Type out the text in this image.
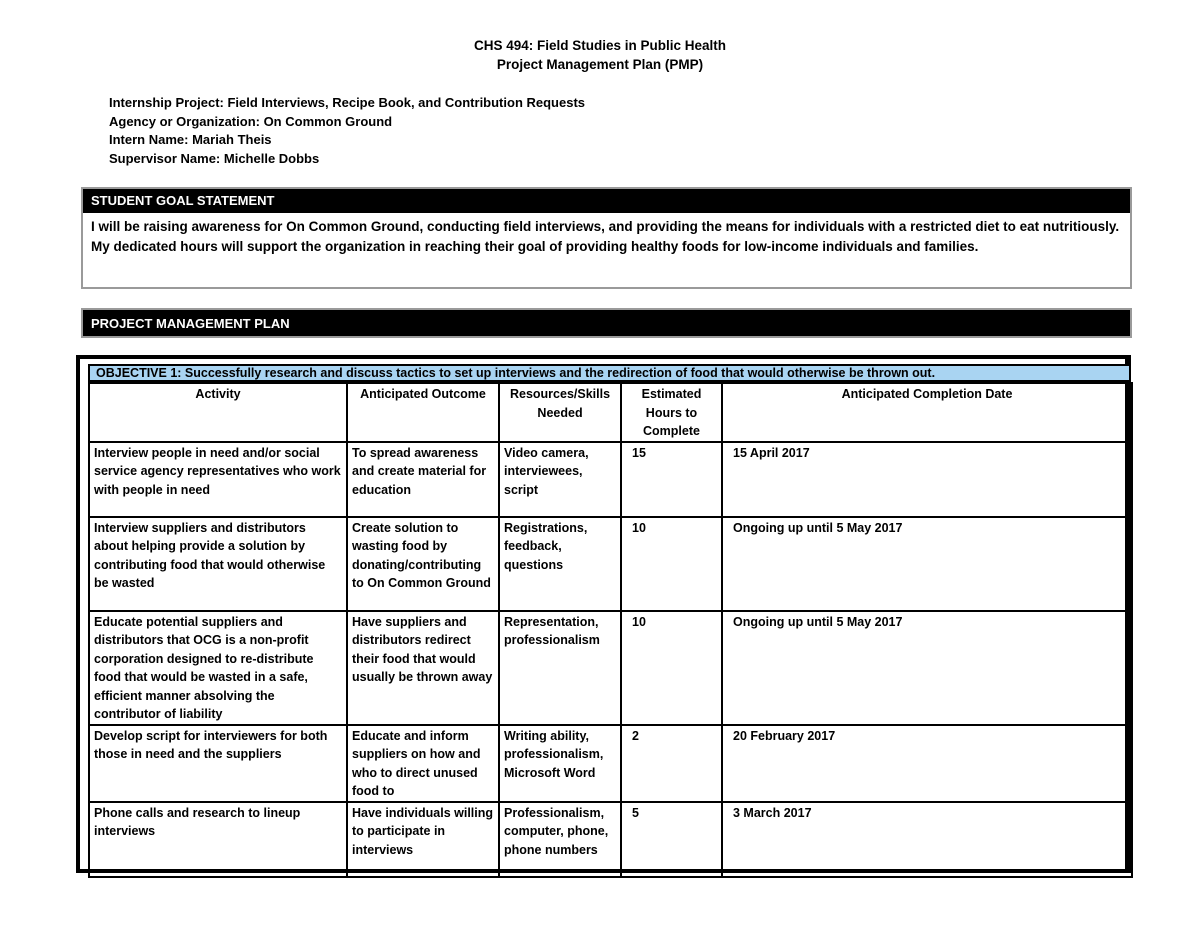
CHS 494: Field Studies in Public Health
Project Management Plan (PMP)
Internship Project: Field Interviews, Recipe Book, and Contribution Requests
Agency or Organization: On Common Ground
Intern Name: Mariah Theis
Supervisor Name: Michelle Dobbs
STUDENT GOAL STATEMENT
I will be raising awareness for On Common Ground, conducting field interviews, and providing the means for individuals with a restricted diet to eat nutritiously. My dedicated hours will support the organization in reaching their goal of providing healthy foods for low-income individuals and families.
PROJECT MANAGEMENT PLAN
OBJECTIVE 1: Successfully research and discuss tactics to set up interviews and the redirection of food that would otherwise be thrown out.
Activity	Anticipated Outcome	Resources/Skills Needed	Estimated Hours to Complete	Anticipated Completion Date
Interview people in need and/or social service agency representatives who work with people in need	To spread awareness and create material for education	Video camera, interviewees, script	15	15 April 2017
Interview suppliers and distributors about helping provide a solution by contributing food that would otherwise be wasted	Create solution to wasting food by donating/contributing to On Common Ground	Registrations, feedback, questions	10	Ongoing up until 5 May 2017
Educate potential suppliers and distributors that OCG is a non-profit corporation designed to re-distribute food that would be wasted in a safe, efficient manner absolving the contributor of liability	Have suppliers and distributors redirect their food that would usually be thrown away	Representation, professionalism	10	Ongoing up until 5 May 2017
Develop script for interviewers for both those in need and the suppliers	Educate and inform suppliers on how and who to direct unused food to	Writing ability, professionalism, Microsoft Word	2	20 February 2017
Phone calls and research to lineup interviews	Have individuals willing to participate in interviews	Professionalism, computer, phone, phone numbers	5	3 March 2017
